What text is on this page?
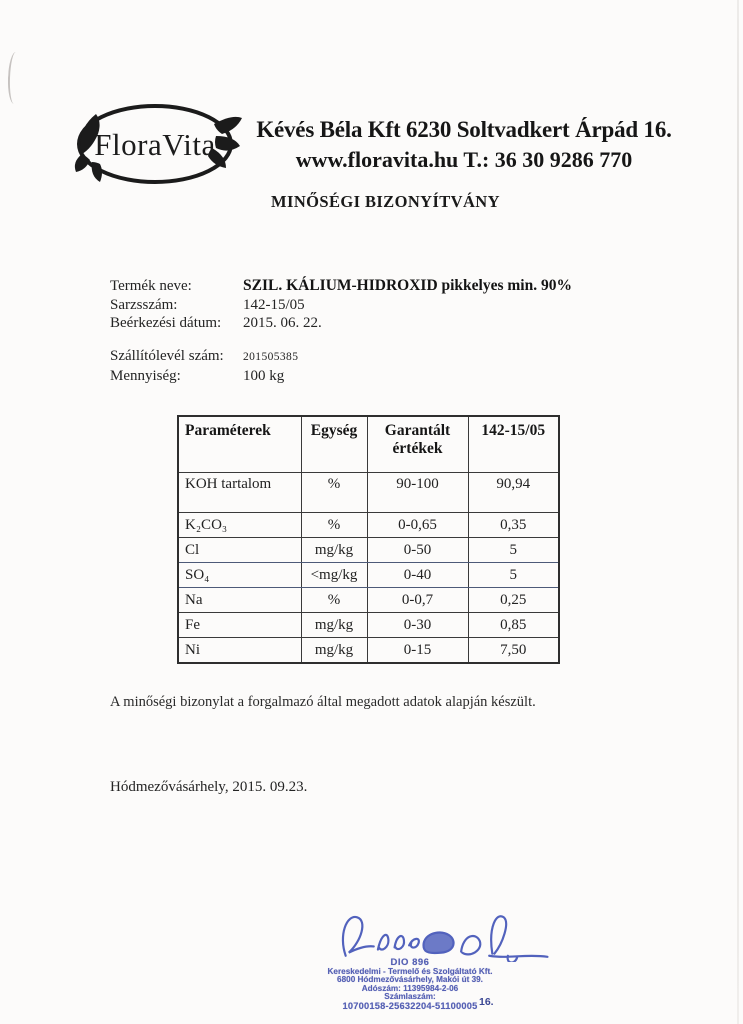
FloraVita	Kévés Béla Kft 6230 Soltvadkert Árpád 16.
www.floravita.hu T.: 36 30 9286 770
MINŐSÉGI BIZONYÍTVÁNY
Termék neve:	SZIL. KÁLIUM-HIDROXID pikkelyes min. 90%
Sarzsszám:	142-15/05
Beérkezési dátum: 2015. 06. 22.
Szállítólevél szám: 201505385
Mennyiség:	100 kg
Paraméterek	Egység	Garantált értékek	142-15/05
KOH tartalom	%	90-100	90,94
K₂CO₃	%	0-0,65	0,35
Cl	mg/kg	0-50	5
SO₄	<mg/kg	0-40	5
Na	%	0-0,7	0,25
Fe	mg/kg	0-30	0,85
Ni	mg/kg	0-15	7,50

A minőségi bizonylat a forgalmazó által megadott adatok alapján készült.

Hódmezővásárhely, 2015. 09.23.

DIO 896
Kereskedelmi - Termelő és Szolgáltató Kft.
6800 Hódmezővásárhely, Makói út 39.
Adószám: 11395984-2-06
Számlaszám:
10700158-25632204-51100005 16.
